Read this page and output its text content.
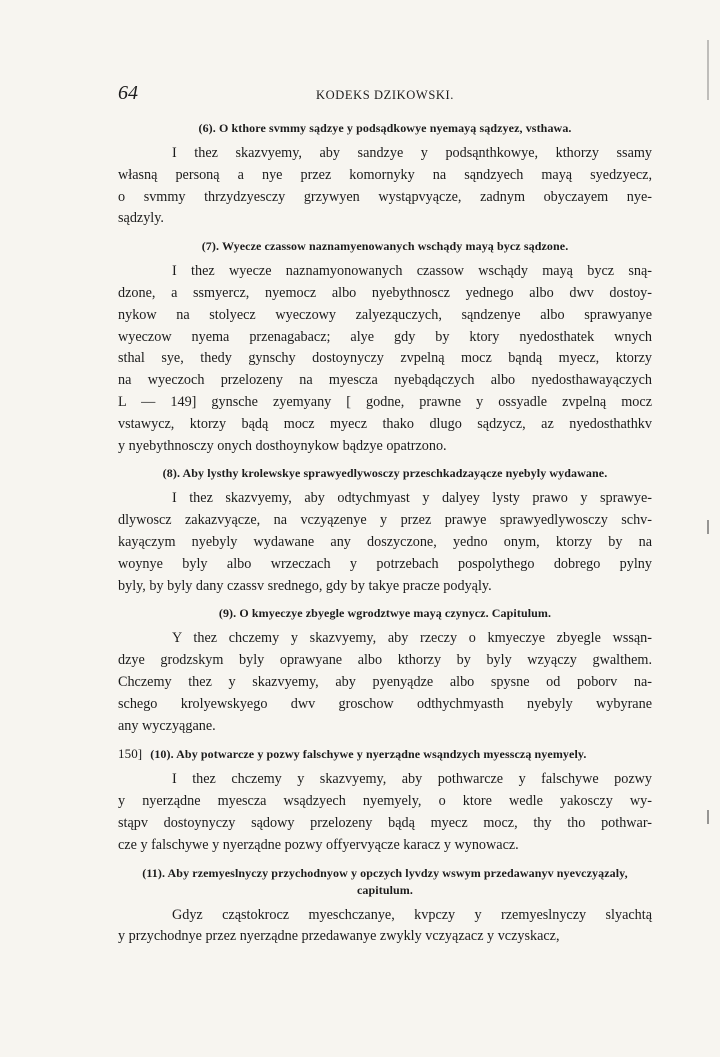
64	KODEKS DZIKOWSKI.
(6). O kthore svmmy sądzye y podsądkowye nyemayą sądzyez, vsthawa.
I thez skazvyemy, aby sandzye y podsąnthkowye, kthorzy ssamy
własną personą a nye przez komornyky na sąndzyech mayą syedzyecz,
o svmmy thrzydzyesczy grzywyen wystąpvyącze, zadnym obyczayem nye-
sądzyly.
(7). Wyecze czassow naznamyenowanych wschądy mayą bycz sądzone.
I thez wyecze naznamyonowanych czassow wschądy mayą bycz sną-
dzone, a ssmyercz, nyemocz albo nyebythnoscz yednego albo dwv dostoy-
nykow na stolyecz wyeczowy zalyeząuczych, sąndzenye albo sprawyanye
wyeczow nyema przenagabacz; alye gdy by ktory nyedosthatek wnych
sthal sye, thedy gynschy dostoynyczy zvpelną mocz bąndą myecz, ktorzy
na wyeczoch przelozeny na myescza nyebądączych albo nyedosthawayączych
L — 149] gynsche zyemyany [ godne, prawne y ossyadle zvpelną mocz
vstawycz, ktorzy bądą mocz myecz thako dlugo sądzycz, az nyedosthathkv
y nyebythnosczy onych dosthoynykow bądzye opatrzono.
(8). Aby lysthy krolewskye sprawyedlywosczy przeschkadzayącze nyebyly wydawane.
I thez skazvyemy, aby odtychmyast y dalyey lysty prawo y sprawye-
dlywoscz zakazvyącze, na vczyązenye y przez prawye sprawyedlywosczy schv-
kayączym nyebyly wydawane any doszyczone, yedno onym, ktorzy by na
woynye byly albo wrzeczach y potrzebach pospolythego dobrego pylny
byly, by byly dany czassv srednego, gdy by takye pracze podyąly.
(9). O kmyeczye zbyegle wgrodztwye mayą czynycz. Capitulum.
Y thez chczemy y skazvyemy, aby rzeczy o kmyeczye zbyegle wssąn-
dzye grodzskym byly oprawyane albo kthorzy by byly wzyączy gwalthem.
Chczemy thez y skazvyemy, aby pyenyądze albo spysne od poborv na-
schego krolyewskyego dwv groschow odthychmyasth nyebyly wybyrane
any wyczyągane.
150] (10). Aby potwarcze y pozwy falschywe y nyerządne wsąndzych myessczą nyemyely.
I thez chczemy y skazvyemy, aby pothwarcze y falschywe pozwy
y nyerządne myescza wsądzyech nyemyely, o ktore wedle yakosczy wy-
stąpv dostoynyczy sądowy przelozeny bądą myecz mocz, thy tho pothwar-
cze y falschywe y nyerządne pozwy offyervyącze karacz y wynowacz.
(11). Aby rzemyeslnyczy przychodnyow y opczych lyvdzy wswym przedawanyv nyevczyązaly, capitulum.
Gdyz cząstokrocz myeschczanye, kvpczy y rzemyeslnyczy slyachtą
y przychodnye przez nyerządne przedawanye zwykly vczyązacz y vczyskacz,
